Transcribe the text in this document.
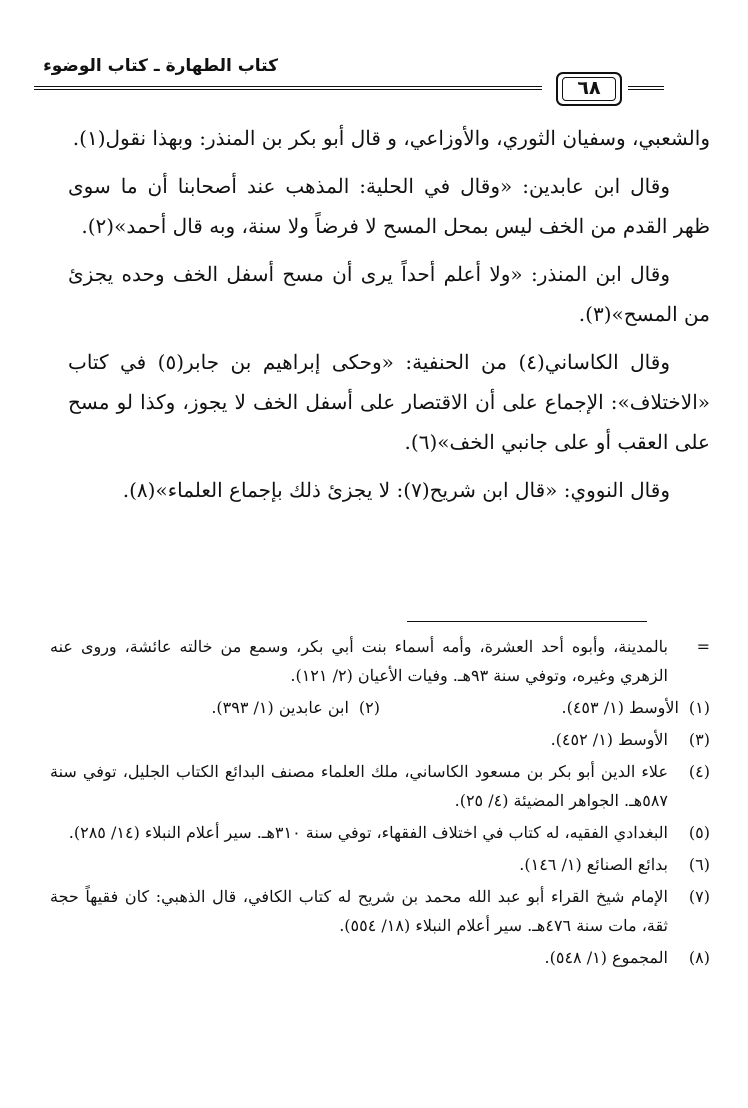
كتاب الطهارة ـ كتاب الوضوء
٦٨

والشعبي، وسفيان الثوري، والأوزاعي، و قال أبو بكر بن المنذر: وبهذا نقول(١).

وقال ابن عابدين: «وقال في الحلية: المذهب عند أصحابنا أن ما سوى ظهر القدم من الخف ليس بمحل المسح لا فرضاً ولا سنة، وبه قال أحمد»(٢).

وقال ابن المنذر: «ولا أعلم أحداً يرى أن مسح أسفل الخف وحده يجزئ من المسح»(٣).

وقال الكاساني(٤) من الحنفية: «وحكى إبراهيم بن جابر(٥) في كتاب «الاختلاف»: الإجماع على أن الاقتصار على أسفل الخف لا يجوز، وكذا لو مسح على العقب أو على جانبي الخف»(٦).

وقال النووي: «قال ابن شريح(٧): لا يجزئ ذلك بإجماع العلماء»(٨).

=
بالمدينة، وأبوه أحد العشرة، وأمه أسماء بنت أبي بكر، وسمع من خالته عائشة، وروى عنه الزهري وغيره، وتوفي سنة ٩٣هـ. وفيات الأعيان (٢/ ١٢١).
(١)الأوسط (١/ ٤٥٣).
(٢)ابن عابدين (١/ ٣٩٣).
(٣)
الأوسط (١/ ٤٥٢).
(٤)
علاء الدين أبو بكر بن مسعود الكاساني، ملك العلماء مصنف البدائع الكتاب الجليل، توفي سنة ٥٨٧هـ. الجواهر المضيئة (٤/ ٢٥).
(٥)
البغدادي الفقيه، له كتاب في اختلاف الفقهاء، توفي سنة ٣١٠هـ. سير أعلام النبلاء (١٤/ ٢٨٥).
(٦)
بدائع الصنائع (١/ ١٤٦).
(٧)
الإمام شيخ القراء أبو عبد الله محمد بن شريح له كتاب الكافي، قال الذهبي: كان فقيهاً حجة ثقة، مات سنة ٤٧٦هـ. سير أعلام النبلاء (١٨/ ٥٥٤).
(٨)
المجموع (١/ ٥٤٨).
